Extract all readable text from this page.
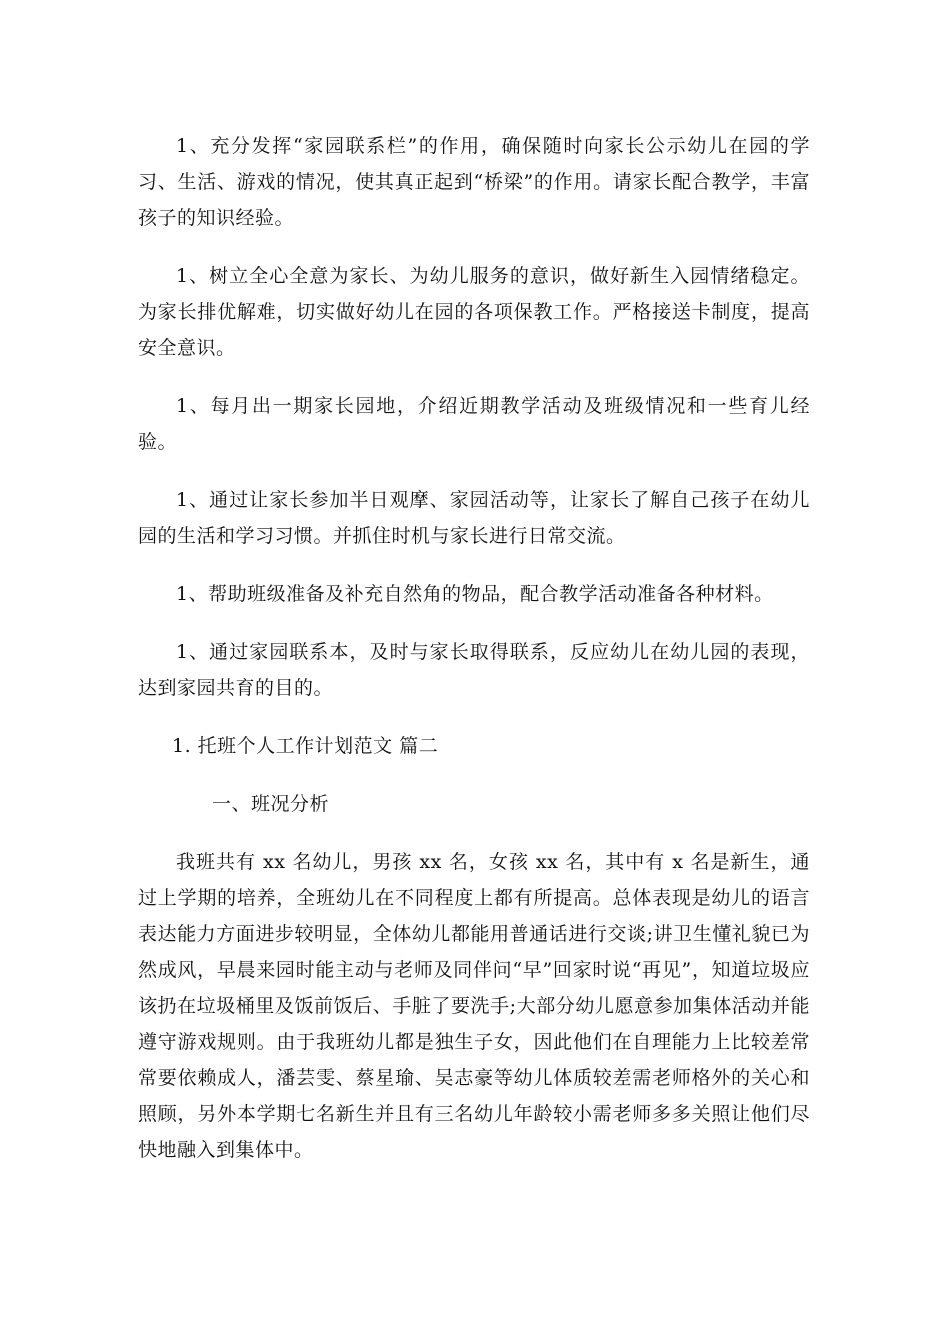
1、充分发挥“家园联系栏”的作用，确保随时向家长公示幼儿在园的学习、生活、游戏的情况，使其真正起到“桥梁”的作用。请家长配合教学，丰富孩子的知识经验。

1、树立全心全意为家长、为幼儿服务的意识，做好新生入园情绪稳定。为家长排优解难，切实做好幼儿在园的各项保教工作。严格接送卡制度，提高安全意识。

1、每月出一期家长园地，介绍近期教学活动及班级情况和一些育儿经验。

1、通过让家长参加半日观摩、家园活动等，让家长了解自己孩子在幼儿园的生活和学习习惯。并抓住时机与家长进行日常交流。

1、帮助班级准备及补充自然角的物品，配合教学活动准备各种材料。

1、通过家园联系本，及时与家长取得联系，反应幼儿在幼儿园的表现，达到家园共育的目的。

1. 托班个人工作计划范文 篇二

一、班况分析

我班共有 xx 名幼儿，男孩 xx 名，女孩 xx 名，其中有 x 名是新生，通过上学期的培养，全班幼儿在不同程度上都有所提高。总体表现是幼儿的语言表达能力方面进步较明显，全体幼儿都能用普通话进行交谈;讲卫生懂礼貌已为然成风，早晨来园时能主动与老师及同伴问“早”回家时说“再见”，知道垃圾应该扔在垃圾桶里及饭前饭后、手脏了要洗手;大部分幼儿愿意参加集体活动并能遵守游戏规则。由于我班幼儿都是独生子女，因此他们在自理能力上比较差常常要依赖成人，潘芸雯、蔡星瑜、吴志豪等幼儿体质较差需老师格外的关心和照顾，另外本学期七名新生并且有三名幼儿年龄较小需老师多多关照让他们尽快地融入到集体中。
